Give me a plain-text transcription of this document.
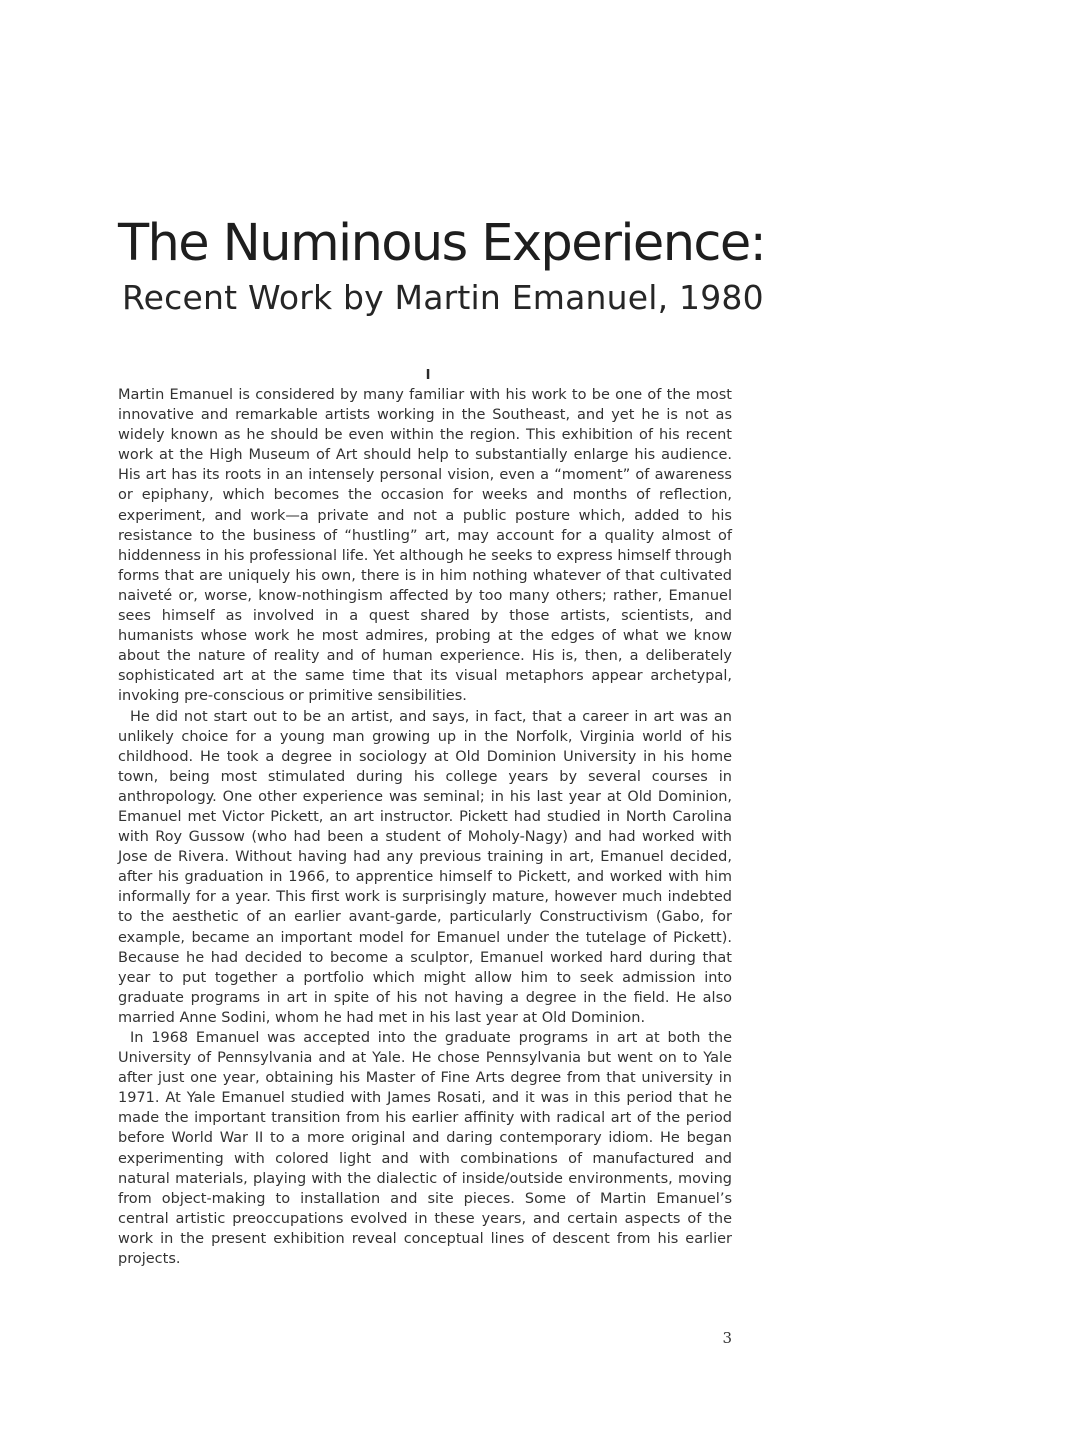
The Numinous Experience:
Recent Work by Martin Emanuel, 1980
I

Martin Emanuel is considered by many familiar with his work to be one of the most innovative and remarkable artists working in the Southeast, and yet he is not as widely known as he should be even within the region. This exhibition of his recent work at the High Museum of Art should help to substantially enlarge his audience. His art has its roots in an intensely personal vision, even a “moment” of awareness or epiphany, which becomes the occasion for weeks and months of reflection, experiment, and work—a private and not a public posture which, added to his resistance to the business of “hustling” art, may account for a quality almost of hiddenness in his professional life. Yet although he seeks to express himself through forms that are uniquely his own, there is in him nothing whatever of that cultivated naiveté or, worse, know-nothingism affected by too many others; rather, Emanuel sees himself as involved in a quest shared by those artists, scientists, and humanists whose work he most admires, probing at the edges of what we know about the nature of reality and of human experience. His is, then, a deliberately sophisticated art at the same time that its visual metaphors appear archetypal, invoking pre-conscious or primitive sensibilities.

He did not start out to be an artist, and says, in fact, that a career in art was an unlikely choice for a young man growing up in the Norfolk, Virginia world of his childhood. He took a degree in sociology at Old Dominion University in his home town, being most stimulated during his college years by several courses in anthropology. One other experience was seminal; in his last year at Old Dominion, Emanuel met Victor Pickett, an art instructor. Pickett had studied in North Carolina with Roy Gussow (who had been a student of Moholy-Nagy) and had worked with Jose de Rivera. Without having had any previous training in art, Emanuel decided, after his graduation in 1966, to apprentice himself to Pickett, and worked with him informally for a year. This first work is surprisingly mature, however much indebted to the aesthetic of an earlier avant-garde, particularly Constructivism (Gabo, for example, became an important model for Emanuel under the tutelage of Pickett). Because he had decided to become a sculptor, Emanuel worked hard during that year to put together a portfolio which might allow him to seek admission into graduate programs in art in spite of his not having a degree in the field. He also married Anne Sodini, whom he had met in his last year at Old Dominion.

In 1968 Emanuel was accepted into the graduate programs in art at both the University of Pennsylvania and at Yale. He chose Pennsylvania but went on to Yale after just one year, obtaining his Master of Fine Arts degree from that university in 1971. At Yale Emanuel studied with James Rosati, and it was in this period that he made the important transition from his earlier affinity with radical art of the period before World War II to a more original and daring contemporary idiom. He began experimenting with colored light and with combinations of manufactured and natural materials, playing with the dialectic of inside/outside environments, moving from object-making to installation and site pieces. Some of Martin Emanuel’s central artistic preoccupations evolved in these years, and certain aspects of the work in the present exhibition reveal conceptual lines of descent from his earlier projects.

3
